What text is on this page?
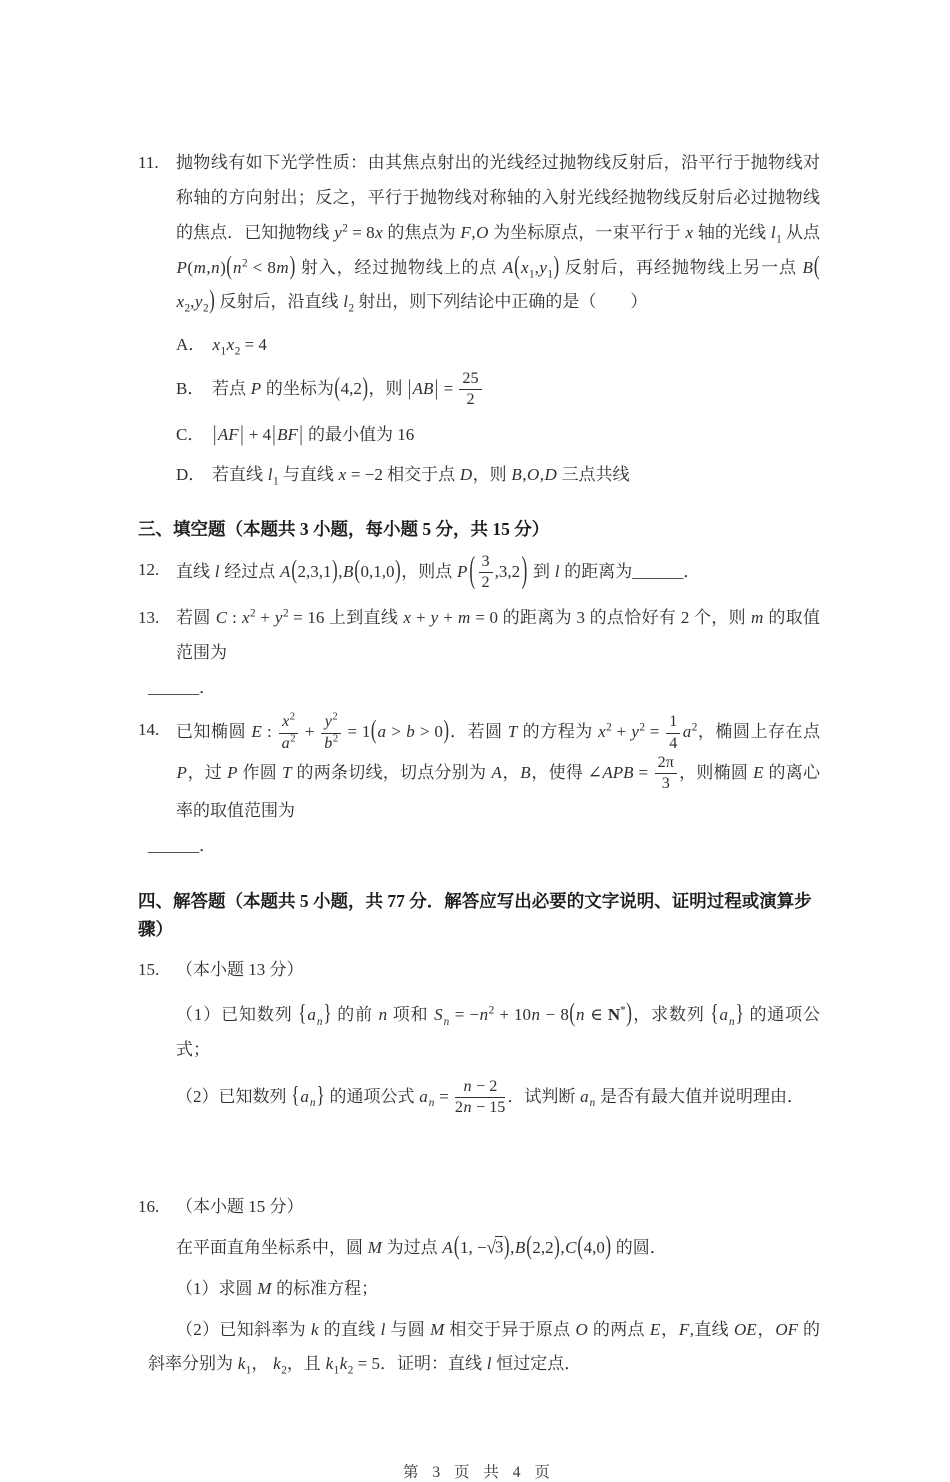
11.	抛物线有如下光学性质：由其焦点射出的光线经过抛物线反射后，沿平行于抛物线对称轴的方向射出；反之，平行于抛物线对称轴的入射光线经抛物线反射后必过抛物线的焦点．已知抛物线 $y^2 = 8x$ 的焦点为 F,O 为坐标原点，一束平行于 x 轴的光线 $l_1$ 从点 $P(m,n)(n^2 < 8m)$ 射入，经过抛物线上的点 $A(x_1,y_1)$ 反射后，再经抛物线上另一点 $B(x_2,y_2)$ 反射后，沿直线 $l_2$ 射出，则下列结论中正确的是（  ）

A． $x_1x_2 = 4$
B． 若点 P 的坐标为(4,2)，则 $|AB| = \frac{25}{2}$
C． |AF| + 4|BF| 的最小值为 16
D． 若直线 $l_1$ 与直线 x = −2 相交于点 D，则 B,O,D 三点共线
三、填空题（本题共 3 小题，每小题 5 分，共 15 分）
12. 直线 l 经过点 A(2,3,1),B(0,1,0)，则点 P ( $\frac{3}{2} ,3,2$) 到 l 的距离为______．

13. 若圆 C : $x^2 + y^2 = 16$ 上到直线 x + y + m = 0 的距离为 3 的点恰好有 2 个，则 m 的取值范围为
______．

14. 已知椭圆 E : $\frac{x^2}{a^2} + \frac{y^2}{b^2} = 1(a > b > 0)$．若圆 T 的方程为 $x^2 + y^2 = \frac{1}{4} a^2$，椭圆上存在点 P，过 P 作圆 T 的两条切线，切点分别为 A，B，使得 ∠APB = $\frac{2\pi}{3}$ ，则椭圆 E 的离心率的取值范围为
______．

四、解答题（本题共 5 小题，共 77 分．解答应写出必要的文字说明、证明过程或演算步骤）
15. （本小题 13 分）

（1）已知数列 $\{a_n\}$ 的前 n 项和 $S_n = -n^2 + 10n - 8(n$ ∈ N*)，求数列 $\{a_n\}$ 的通项公式；

（2）已知数列 $\{a_n\}$ 的通项公式 $a_n = \frac{n - 2}{2n - 15}$ ．试判断 $a_n$ 是否有最大值并说明理由．

16. （本小题 15 分）

在平面直角坐标系中，圆 M 为过点 A(1, −√3),B(2,2),C(4,0) 的圆．

（1）求圆 M 的标准方程；

（2）已知斜率为 k 的直线 l 与圆 M 相交于异于原点 O 的两点 E，F,直线 OE，OF 的斜率分别为 $k_1$， $k_2$，且 $k_1k_2 = 5$．证明：直线 l 恒过定点．

第 3 页 共 4 页
